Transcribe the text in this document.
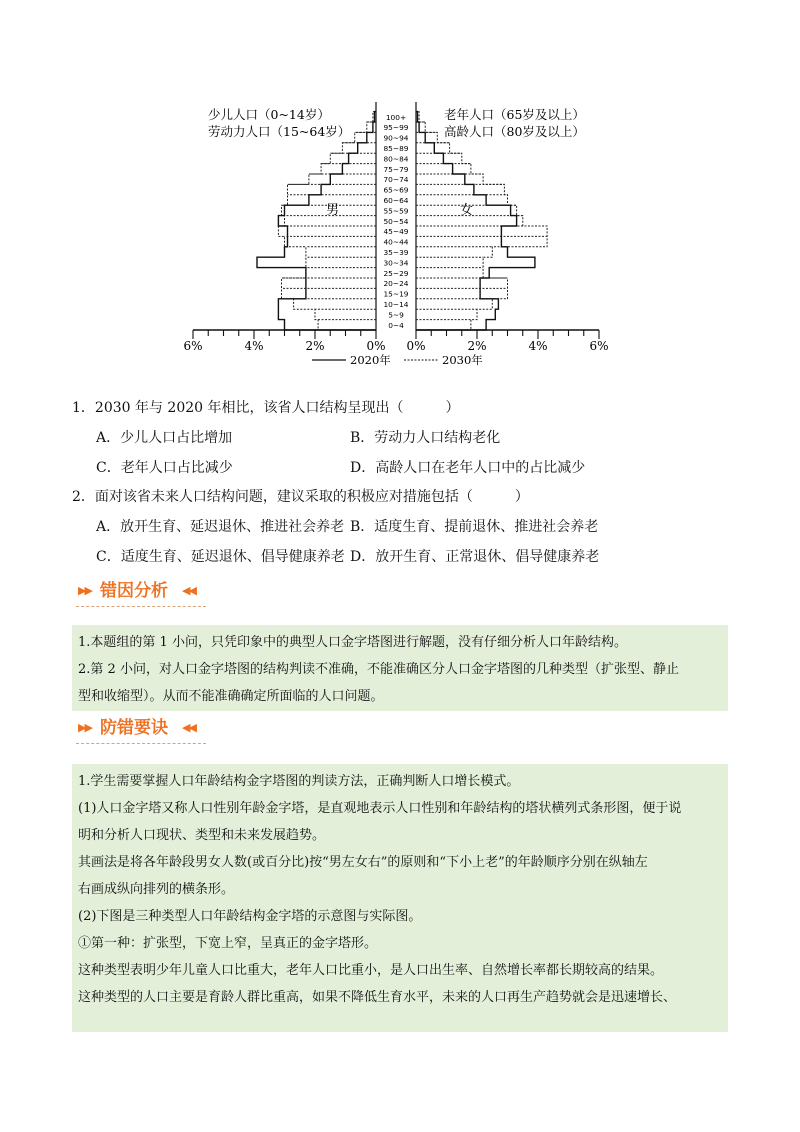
0~4
5~9
10~14
15~19
20~24
25~29
30~34
35~39
40~44
45~49
50~54
55~59
60~64
65~69
70~74
75~79
80~84
85~89
90~94
95~99
100+
6%	4%	2%	0% 0%	2%	4%	6%
少儿人口（0~14岁）
劳动力人口（15~64岁）
老年人口（65岁及以上）
高龄人口（80岁及以上）
男	女
2020年	2030年
1．2030 年与 2020 年相比，该省人口结构呈现出（　　　）
A．少儿人口占比增加	B．劳动力人口结构老化
C．老年人口占比减少	D．高龄人口在老年人口中的占比减少
2．面对该省未来人口结构问题，建议采取的积极应对措施包括（　　　）
A．放开生育、延迟退休、推进社会养老 B．适度生育、提前退休、推进社会养老
C．适度生育、延迟退休、倡导健康养老 D．放开生育、正常退休、倡导健康养老
▶▶ 错因分析 ◀◀

1.本题组的第 1 小问，只凭印象中的典型人口金字塔图进行解题，没有仔细分析人口年龄结构。

2.第 2 小问，对人口金字塔图的结构判读不准确，不能准确区分人口金字塔图的几种类型（扩张型、静止

型和收缩型）。从而不能准确确定所面临的人口问题。

▶▶ 防错要诀 ◀◀

1.学生需要掌握人口年龄结构金字塔图的判读方法，正确判断人口增长模式。

(1)人口金字塔又称人口性别年龄金字塔，是直观地表示人口性别和年龄结构的塔状横列式条形图，便于说

明和分析人口现状、类型和未来发展趋势。

其画法是将各年龄段男女人数(或百分比)按“男左女右”的原则和“下小上老”的年龄顺序分别在纵轴左

右画成纵向排列的横条形。

(2)下图是三种类型人口年龄结构金字塔的示意图与实际图。

①第一种：扩张型，下宽上窄，呈真正的金字塔形。

这种类型表明少年儿童人口比重大，老年人口比重小，是人口出生率、自然增长率都长期较高的结果。

这种类型的人口主要是育龄人群比重高，如果不降低生育水平，未来的人口再生产趋势就会是迅速增长、
